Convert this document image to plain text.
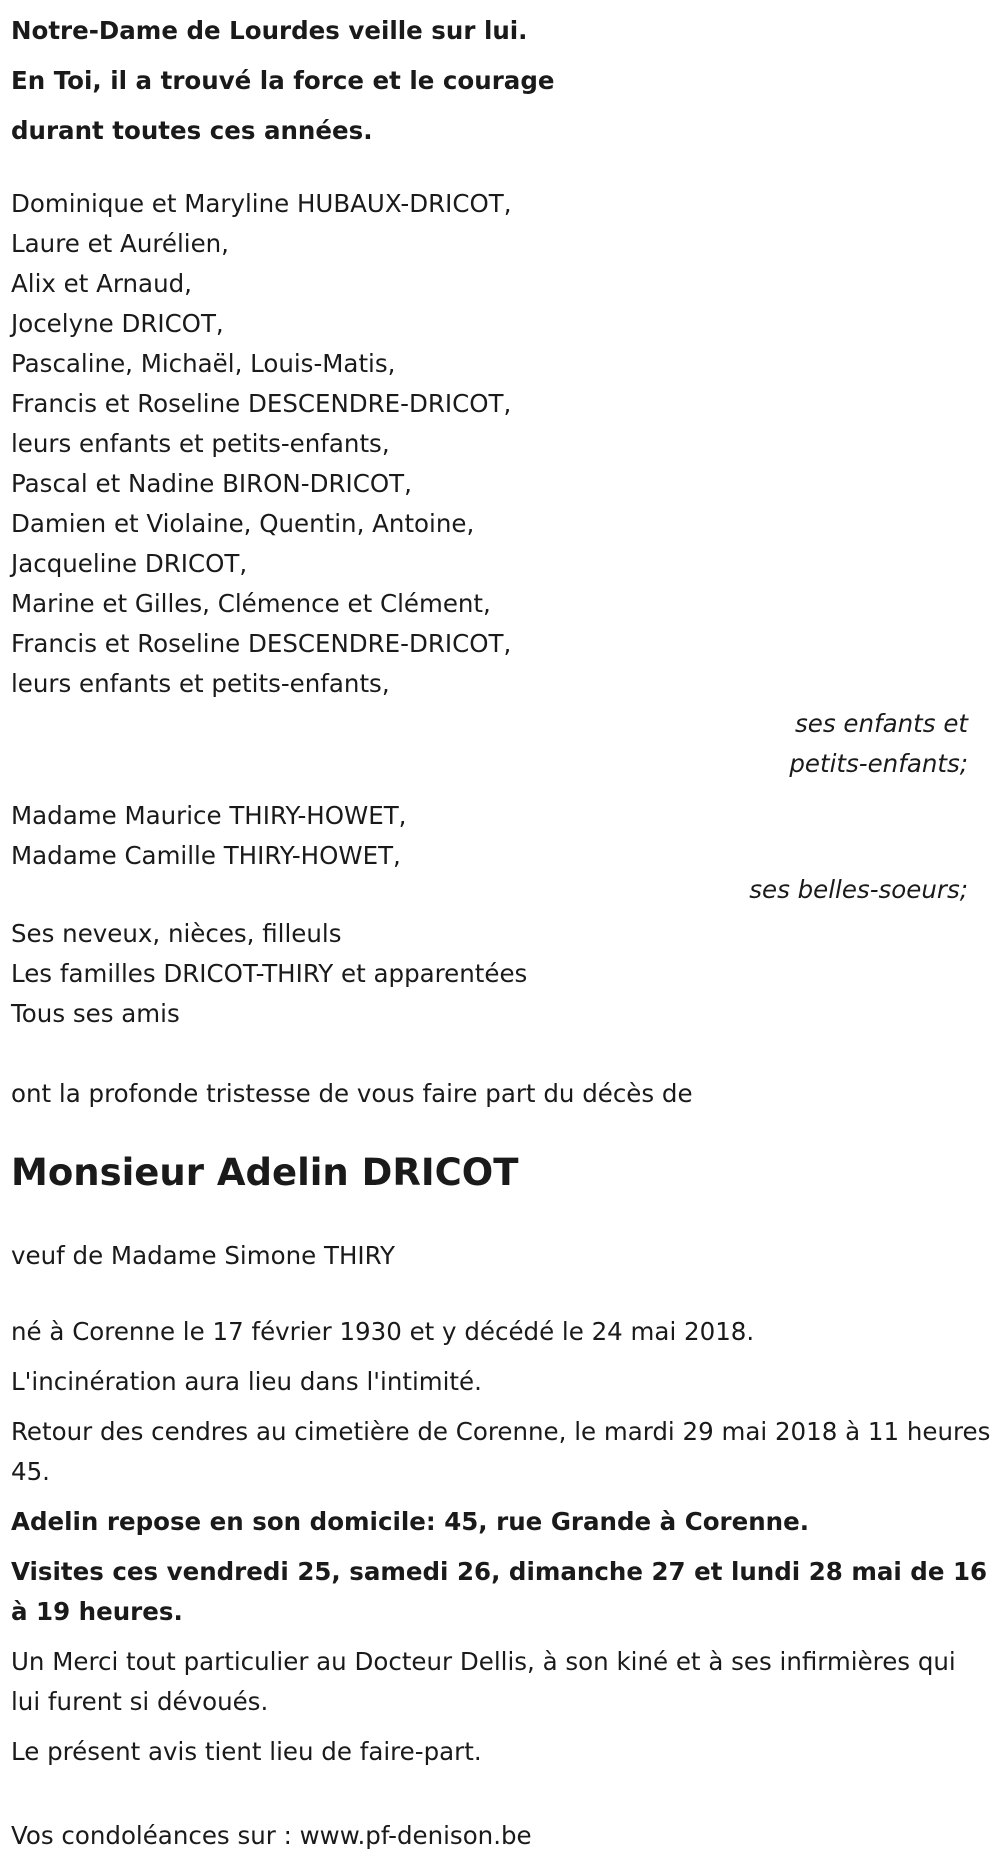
Notre-Dame de Lourdes veille sur lui.
En Toi, il a trouvé la force et le courage
durant toutes ces années.
Dominique et Maryline HUBAUX-DRICOT,
Laure et Aurélien,
Alix et Arnaud,
Jocelyne DRICOT,
Pascaline, Michaël, Louis-Matis,
Francis et Roseline DESCENDRE-DRICOT,
leurs enfants et petits-enfants,
Pascal et Nadine BIRON-DRICOT,
Damien et Violaine, Quentin, Antoine,
Jacqueline DRICOT,
Marine et Gilles, Clémence et Clément,
Francis et Roseline DESCENDRE-DRICOT,
leurs enfants et petits-enfants,
ses enfants et
petits-enfants;
Madame Maurice THIRY-HOWET,
Madame Camille THIRY-HOWET,
ses belles-soeurs;
Ses neveux, nièces, filleuls
Les familles DRICOT-THIRY et apparentées
Tous ses amis
ont la profonde tristesse de vous faire part du décès de
Monsieur Adelin DRICOT
veuf de Madame Simone THIRY
né à Corenne le 17 février 1930 et y décédé le 24 mai 2018.
L'incinération aura lieu dans l'intimité.
Retour des cendres au cimetière de Corenne, le mardi 29 mai 2018 à 11 heures 45.
Adelin repose en son domicile: 45, rue Grande à Corenne.
Visites ces vendredi 25, samedi 26, dimanche 27 et lundi 28 mai de 16 à 19 heures.
Un Merci tout particulier au Docteur Dellis, à son kiné et à ses infirmières qui lui furent si dévoués.
Le présent avis tient lieu de faire-part.
Vos condoléances sur : www.pf-denison.be
